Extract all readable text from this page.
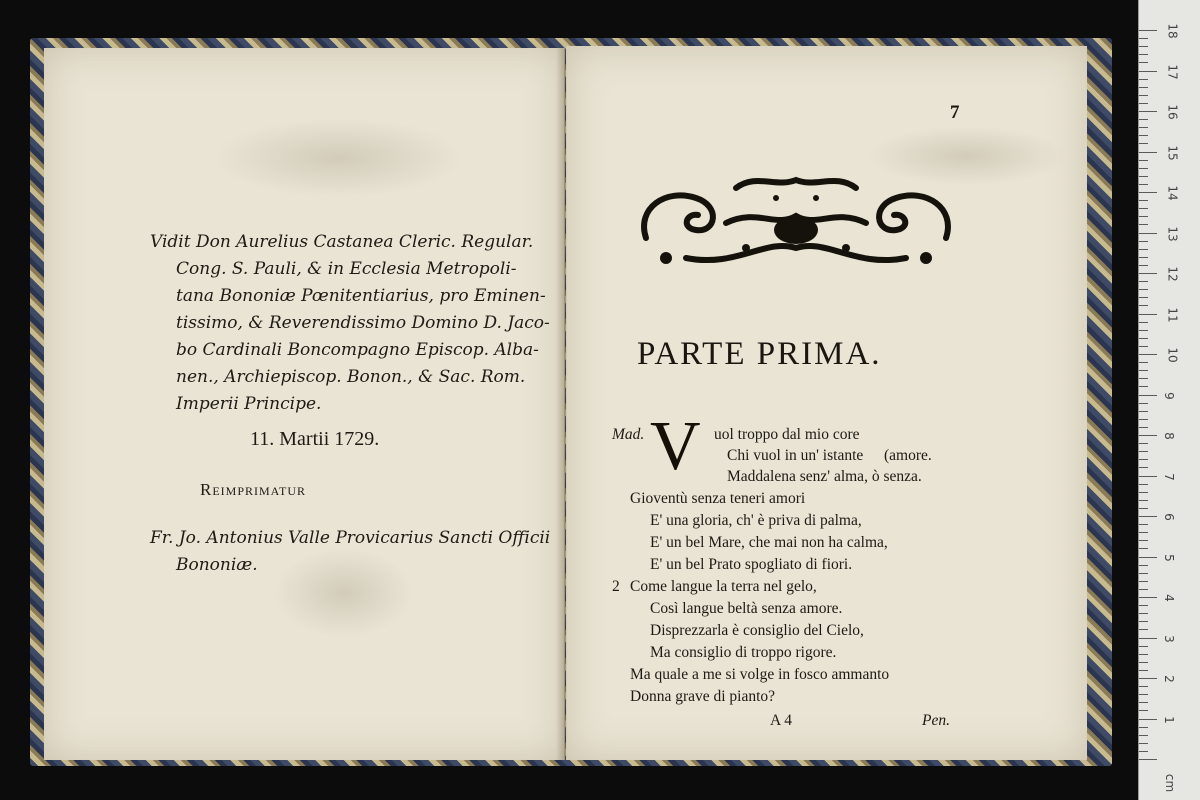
Vidit Don Aurelius Castanea Cleric. Regular.
Cong. S. Pauli, & in Ecclesia Metropoli-
tana Bononiæ Pœnitentiarius, pro Eminen-
tissimo, & Reverendissimo Domino D. Jaco-
bo Cardinali Boncompagno Episcop. Alba-
nen., Archiepiscop. Bonon., & Sac. Rom.
Imperii Principe.
11. Martii 1729.
Reimprimatur
Fr. Jo. Antonius Valle Provicarius Sancti Officii
Bononiæ.
7
PARTE PRIMA.
Mad. V uol troppo dal mio core
Chi vuol in un' istante (amore.
Maddalena senz' alma, ò senza.
Gioventù senza teneri amori
E' una gloria, ch' è priva di palma,
E' un bel Mare, che mai non ha calma,
E' un bel Prato spogliato di fiori.
2 Come langue la terra nel gelo,
Così langue beltà senza amore.
Disprezzarla è consiglio del Cielo,
Ma consiglio di troppo rigore.
Ma quale a me si volge in fosco ammanto
Donna grave di pianto?
A 4	Pen.
cm
18
17
16
15
14
13
12
11
10
9
8
7
6
5
4
3
2
1
